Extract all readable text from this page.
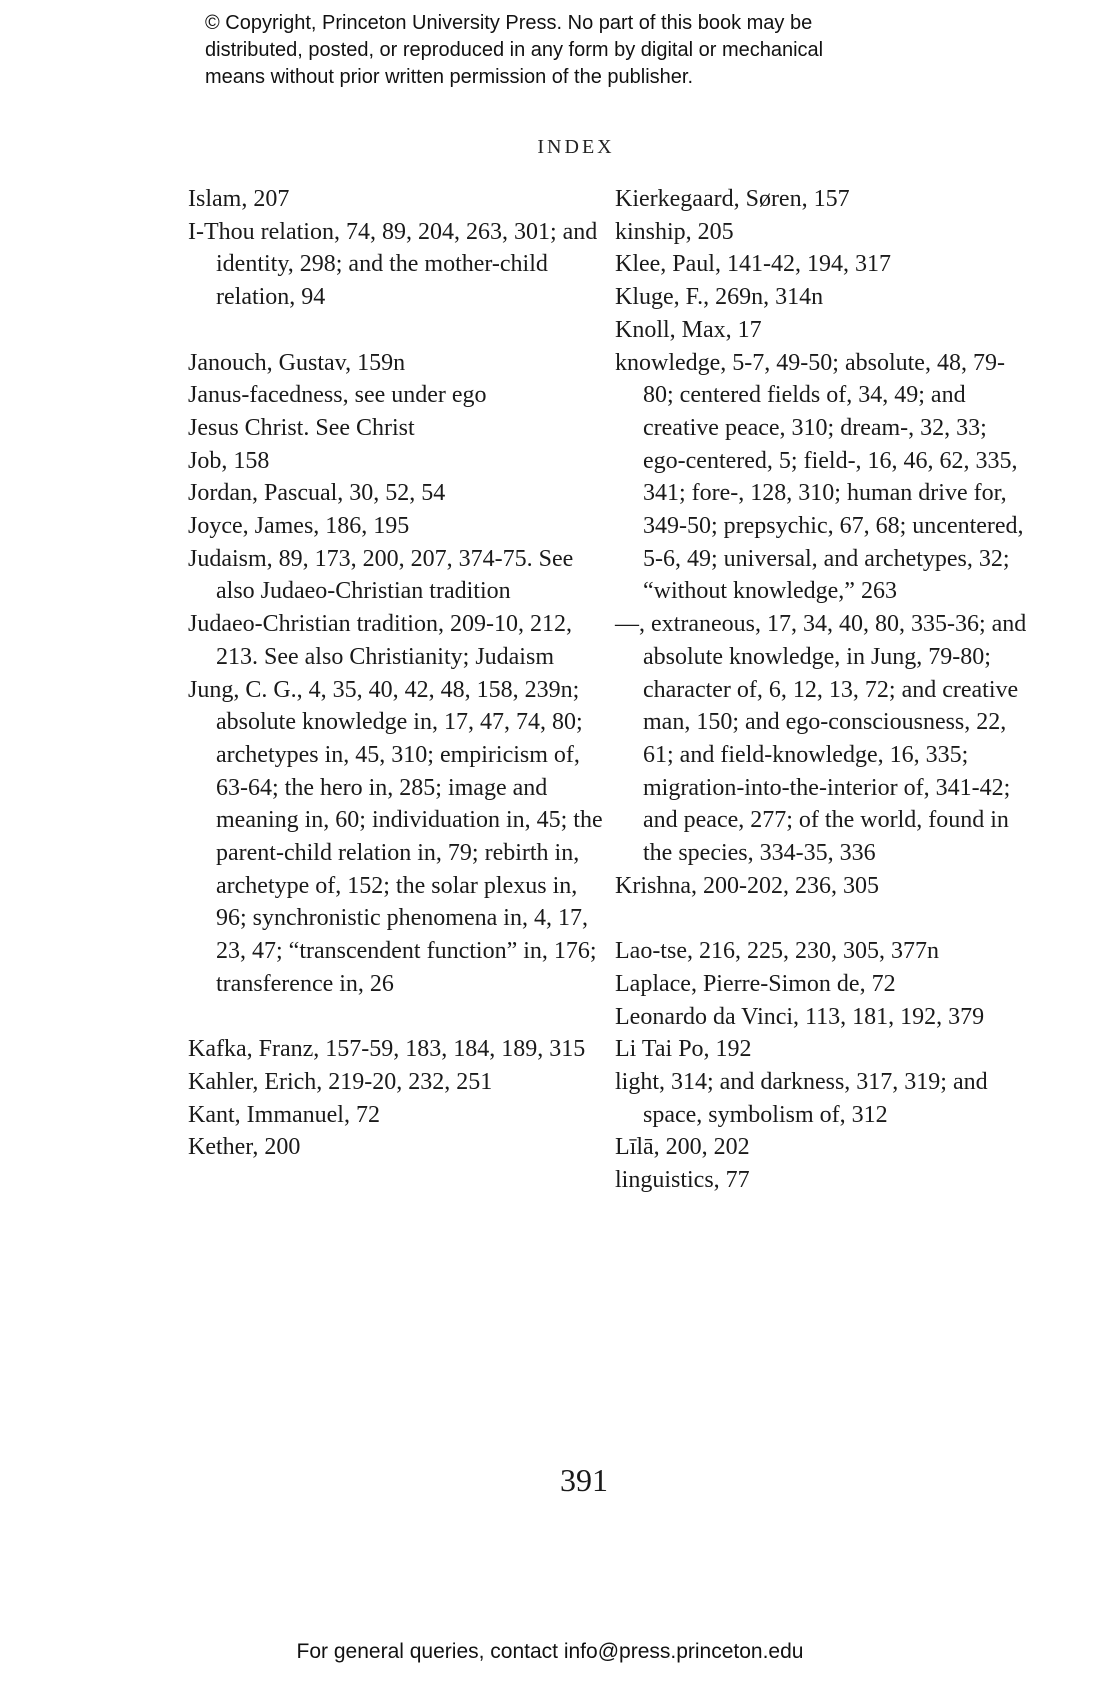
© Copyright, Princeton University Press. No part of this book may be
distributed, posted, or reproduced in any form by digital or mechanical
means without prior written permission of the publisher.
INDEX
Islam, 207
I-Thou relation, 74, 89, 204, 263, 301; and identity, 298; and the mother-child relation, 94
Janouch, Gustav, 159n
Janus-facedness, see under ego
Jesus Christ. See Christ
Job, 158
Jordan, Pascual, 30, 52, 54
Joyce, James, 186, 195
Judaism, 89, 173, 200, 207, 374-75. See also Judaeo-Christian tradition
Judaeo-Christian tradition, 209-10, 212, 213. See also Christianity; Judaism
Jung, C. G., 4, 35, 40, 42, 48, 158, 239n; absolute knowledge in, 17, 47, 74, 80; archetypes in, 45, 310; empiricism of, 63-64; the hero in, 285; image and meaning in, 60; individuation in, 45; the parent-child relation in, 79; rebirth in, archetype of, 152; the solar plexus in, 96; synchronistic phenomena in, 4, 17, 23, 47; “transcendent function” in, 176; transference in, 26
Kafka, Franz, 157-59, 183, 184, 189, 315
Kahler, Erich, 219-20, 232, 251
Kant, Immanuel, 72
Kether, 200
Kierkegaard, Søren, 157
kinship, 205
Klee, Paul, 141-42, 194, 317
Kluge, F., 269n, 314n
Knoll, Max, 17
knowledge, 5-7, 49-50; absolute, 48, 79-80; centered fields of, 34, 49; and creative peace, 310; dream-, 32, 33; ego-centered, 5; field-, 16, 46, 62, 335, 341; fore-, 128, 310; human drive for, 349-50; prepsychic, 67, 68; uncentered, 5-6, 49; universal, and archetypes, 32; “without knowledge,” 263
—, extraneous, 17, 34, 40, 80, 335-36; and absolute knowledge, in Jung, 79-80; character of, 6, 12, 13, 72; and creative man, 150; and ego-consciousness, 22, 61; and field-knowledge, 16, 335; migration-into-the-interior of, 341-42; and peace, 277; of the world, found in the species, 334-35, 336
Krishna, 200-202, 236, 305
Lao-tse, 216, 225, 230, 305, 377n
Laplace, Pierre-Simon de, 72
Leonardo da Vinci, 113, 181, 192, 379
Li Tai Po, 192
light, 314; and darkness, 317, 319; and space, symbolism of, 312
Līlā, 200, 202
linguistics, 77
391
For general queries, contact info@press.princeton.edu
